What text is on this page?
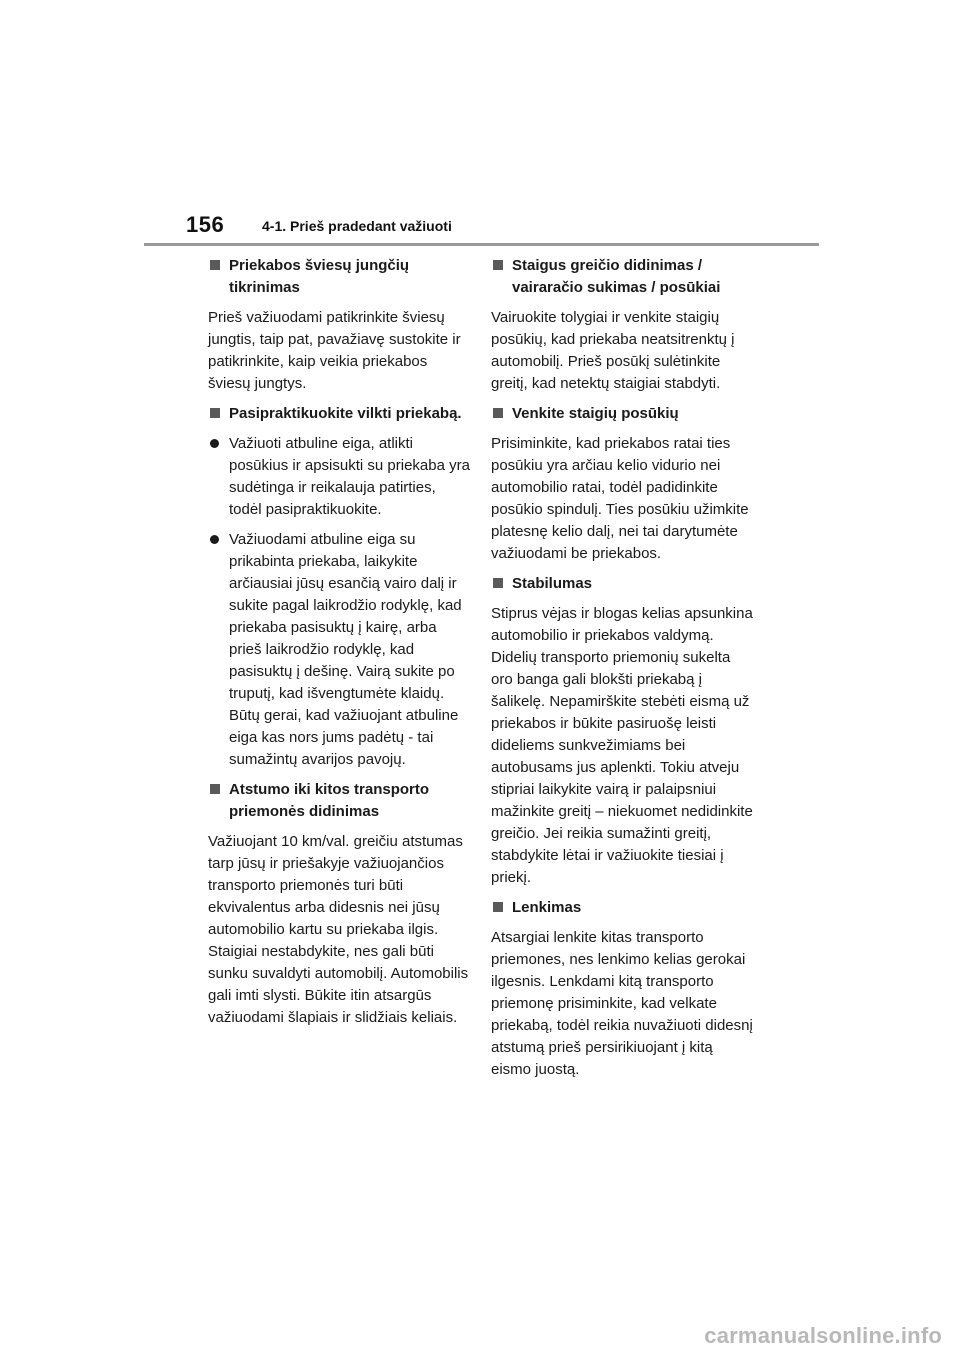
156	4-1. Prieš pradedant važiuoti
Priekabos šviesų jungčių tikrinimas

Prieš važiuodami patikrinkite šviesų jungtis, taip pat, pavažiavę sustokite ir patikrinkite, kaip veikia priekabos šviesų jungtys.

Pasipraktikuokite vilkti priekabą.
Važiuoti atbuline eiga, atlikti posūkius ir apsisukti su priekaba yra sudėtinga ir reikalauja patirties, todėl pasipraktikuokite.
Važiuodami atbuline eiga su prikabinta priekaba, laikykite arčiausiai jūsų esančią vairo dalį ir sukite pagal laikrodžio rodyklę, kad priekaba pasisuktų į kairę, arba prieš laikrodžio rodyklę, kad pasisuktų į dešinę. Vairą sukite po truputį, kad išvengtumėte klaidų. Būtų gerai, kad važiuojant atbuline eiga kas nors jums padėtų - tai sumažintų avarijos pavojų.
Atstumo iki kitos transporto priemonės didinimas

Važiuojant 10 km/val. greičiu atstumas tarp jūsų ir priešakyje važiuojančios transporto priemonės turi būti ekvivalentus arba didesnis nei jūsų automobilio kartu su priekaba ilgis. Staigiai nestabdykite, nes gali būti sunku suvaldyti automobilį. Automobilis gali imti slysti. Būkite itin atsargūs važiuodami šlapiais ir slidžiais keliais.

Staigus greičio didinimas / vairaračio sukimas / posūkiai

Vairuokite tolygiai ir venkite staigių posūkių, kad priekaba neatsitrenktų į automobilį. Prieš posūkį sulėtinkite greitį, kad netektų staigiai stabdyti.

Venkite staigių posūkių

Prisiminkite, kad priekabos ratai ties posūkiu yra arčiau kelio vidurio nei automobilio ratai, todėl padidinkite posūkio spindulį. Ties posūkiu užimkite platesnę kelio dalį, nei tai darytumėte važiuodami be priekabos.

Stabilumas

Stiprus vėjas ir blogas kelias apsunkina automobilio ir priekabos valdymą. Didelių transporto priemonių sukelta oro banga gali blokšti priekabą į šalikelę. Nepamirškite stebėti eismą už priekabos ir būkite pasiruošę leisti dideliems sunkvežimiams bei autobusams jus aplenkti. Tokiu atveju stipriai laikykite vairą ir palaipsniui mažinkite greitį – niekuomet nedidinkite greičio. Jei reikia sumažinti greitį, stabdykite lėtai ir važiuokite tiesiai į priekį.

Lenkimas

Atsargiai lenkite kitas transporto priemones, nes lenkimo kelias gerokai ilgesnis. Lenkdami kitą transporto priemonę prisiminkite, kad velkate priekabą, todėl reikia nuvažiuoti didesnį atstumą prieš persirikiuojant į kitą eismo juostą.

carmanualsonline.info
